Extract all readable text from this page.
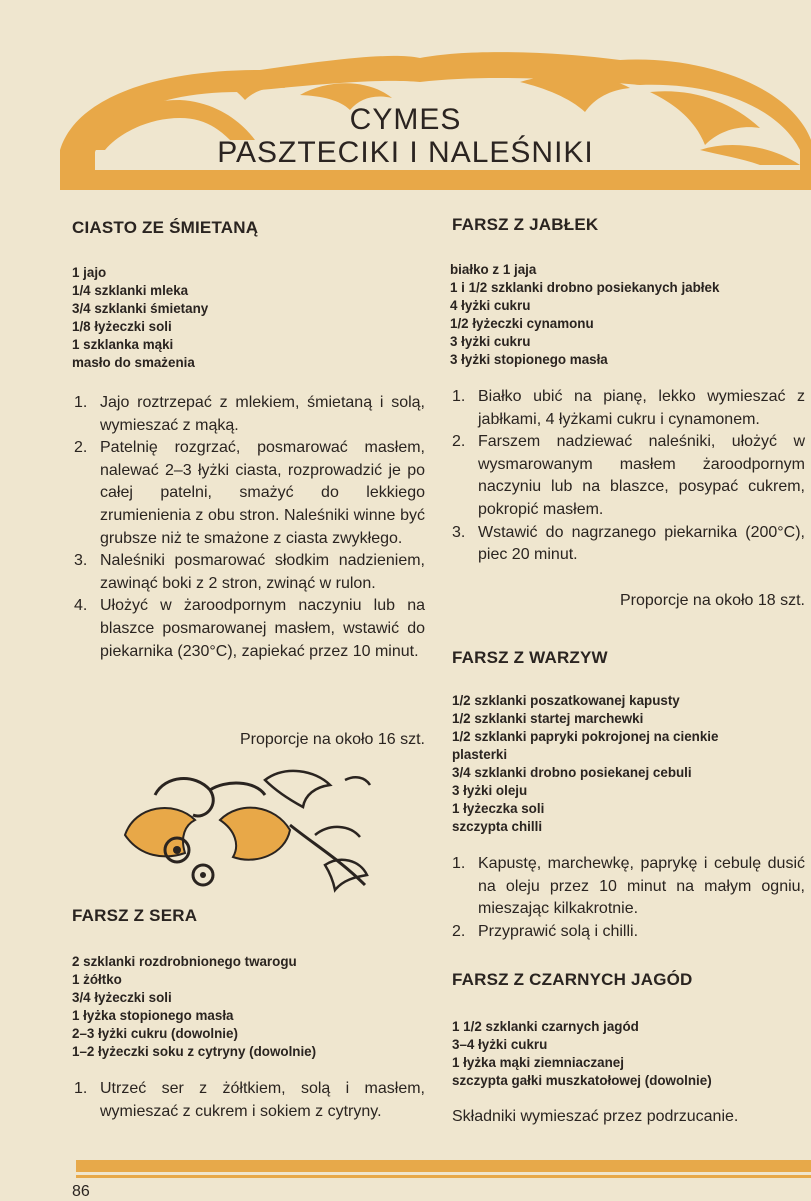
CYMES
PASZTECIKI I NALEŚNIKI
CIASTO ZE ŚMIETANĄ
1 jajo
1/4 szklanki mleka
3/4 szklanki śmietany
1/8 łyżeczki soli
1 szklanka mąki
masło do smażenia
1. Jajo roztrzepać z mlekiem, śmietaną i solą, wymieszać z mąką.
2. Patelnię rozgrzać, posmarować masłem, nalewać 2–3 łyżki ciasta, rozprowadzić je po całej patelni, smażyć do lekkiego zrumienienia z obu stron. Naleśniki winne być grubsze niż te smażone z ciasta zwykłego.
3. Naleśniki posmarować słodkim nadzieniem, zawinąć boki z 2 stron, zwinąć w rulon.
4. Ułożyć w żaroodpornym naczyniu lub na blaszce posmarowanej masłem, wstawić do piekarnika (230°C), zapiekać przez 10 minut.
Proporcje na około 16 szt.
FARSZ Z SERA
2 szklanki rozdrobnionego twarogu
1 żółtko
3/4 łyżeczki soli
1 łyżka stopionego masła
2–3 łyżki cukru (dowolnie)
1–2 łyżeczki soku z cytryny (dowolnie)
1. Utrzeć ser z żółtkiem, solą i masłem, wymieszać z cukrem i sokiem z cytryny.
FARSZ Z JABŁEK
białko z 1 jaja
1 i 1/2 szklanki drobno posiekanych jabłek
4 łyżki cukru
1/2 łyżeczki cynamonu
3 łyżki cukru
3 łyżki stopionego masła
1. Białko ubić na pianę, lekko wymieszać z jabłkami, 4 łyżkami cukru i cynamonem.
2. Farszem nadziewać naleśniki, ułożyć w wysmarowanym masłem żaroodpornym naczyniu lub na blaszce, posypać cukrem, pokropić masłem.
3. Wstawić do nagrzanego piekarnika (200°C), piec 20 minut.
Proporcje na około 18 szt.
FARSZ Z WARZYW
1/2 szklanki poszatkowanej kapusty
1/2 szklanki startej marchewki
1/2 szklanki papryki pokrojonej na cienkie
plasterki
3/4 szklanki drobno posiekanej cebuli
3 łyżki oleju
1 łyżeczka soli
szczypta chilli
1. Kapustę, marchewkę, paprykę i cebulę dusić na oleju przez 10 minut na małym ogniu, mieszając kilkakrotnie.
2. Przyprawić solą i chilli.
FARSZ Z CZARNYCH JAGÓD
1 1/2 szklanki czarnych jagód
3–4 łyżki cukru
1 łyżka mąki ziemniaczanej
szczypta gałki muszkatołowej (dowolnie)
Składniki wymieszać przez podrzucanie.
86
